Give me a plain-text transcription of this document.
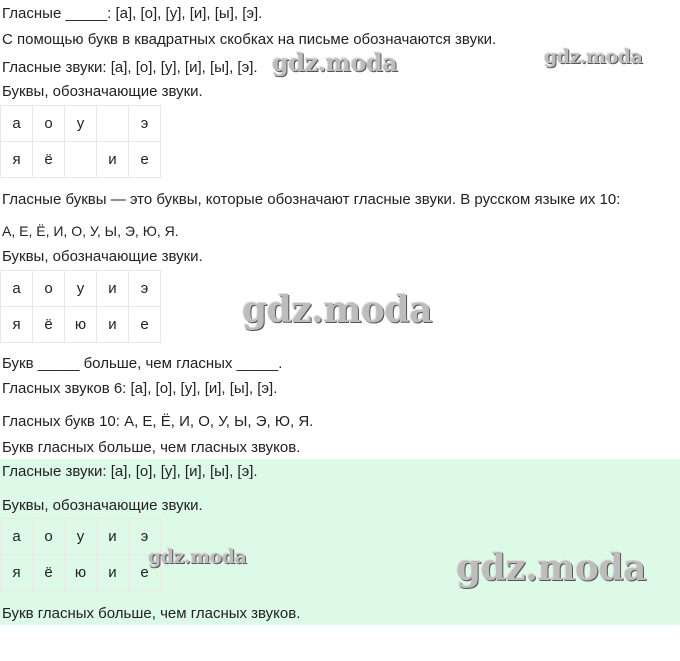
Гласные _____: [а], [о], [у], [и], [ы], [э].
С помощью букв в квадратных скобках на письме обозначаются звуки.
Гласные звуки: [а], [о], [у], [и], [ы], [э].
Буквы, обозначающие звуки.
а	о	у		э
я	ё		и	е
Гласные буквы — это буквы, которые обозначают гласные звуки. В русском языке их 10:
А, Е, Ё, И, О, У, Ы, Э, Ю, Я.
Буквы, обозначающие звуки.
а	о	у	и	э
я	ё	ю	и	е
Букв _____ больше, чем гласных _____.
Гласных звуков 6: [а], [о], [у], [и], [ы], [э].
Гласных букв 10: А, Е, Ё, И, О, У, Ы, Э, Ю, Я.
Букв гласных больше, чем гласных звуков.
Гласные звуки: [а], [о], [у], [и], [ы], [э].
Буквы, обозначающие звуки.
а	о	у	и	э
я	ё	ю	и	е
Букв гласных больше, чем гласных звуков.
gdz.moda	gdz.moda
gdz.moda
gdz.moda	gdz.moda
